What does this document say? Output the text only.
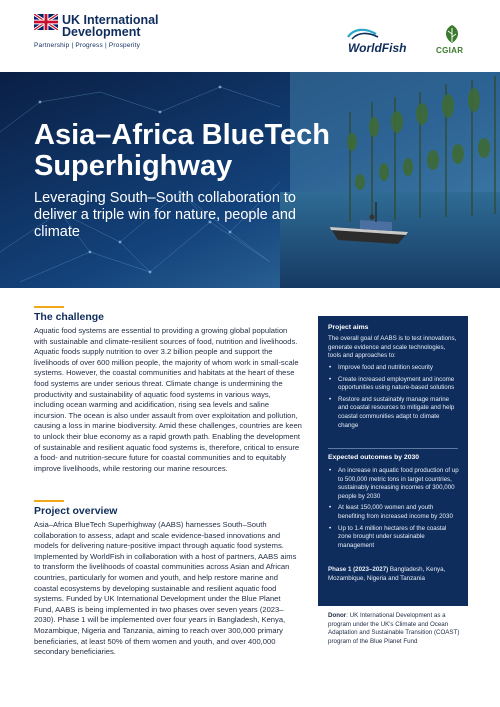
UK International
Development
Partnership | Progress | Prosperity	WorldFish	CGIAR
Asia–Africa BlueTech Superhighway
Leveraging South–South collaboration to deliver a triple win for nature, people and climate
The challenge
Aquatic food systems are essential to providing a growing global population with sustainable and climate-resilient sources of food, nutrition and livelihoods. Aquatic foods supply nutrition to over 3.2 billion people and support the livelihoods of over 600 million people, the majority of whom work in small-scale systems. However, the coastal communities and habitats at the heart of these food systems are under serious threat. Climate change is undermining the productivity and sustainability of aquatic food systems in various ways, including ocean warming and acidification, rising sea levels and saline incursion. The ocean is also under assault from over exploitation and pollution, causing a loss in marine biodiversity. Amid these challenges, countries are keen to unlock their blue economy as a rapid growth path. Enabling the development of sustainable and resilient aquatic food systems is, therefore, critical to ensure a food- and nutrition-secure future for coastal communities and to equitably improve livelihoods, while restoring our marine resources.
Project overview
Asia–Africa BlueTech Superhighway (AABS) harnesses South–South collaboration to assess, adapt and scale evidence-based innovations and models for delivering nature-positive impact through aquatic food systems. Implemented by WorldFish in collaboration with a host of partners, AABS aims to transform the livelihoods of coastal communities across Asian and African countries, particularly for women and youth, and help restore marine and coastal ecosystems by developing sustainable and resilient aquatic food systems. Funded by UK International Development under the Blue Planet Fund, AABS is being implemented in two phases over seven years (2023–2030). Phase 1 will be implemented over four years in Bangladesh, Kenya, Mozambique, Nigeria and Tanzania, aiming to reach over 300,000 primary beneficiaries, at least 50% of them women and youth, and over 400,000 secondary beneficiaries.
Project aims
The overall goal of AABS is to test innovations, generate evidence and scale technologies, tools and approaches to:
• Improve food and nutrition security
• Create increased employment and income opportunities using nature-based solutions
• Restore and sustainably manage marine and coastal resources to mitigate and help coastal communities adapt to climate change
Expected outcomes by 2030
• An increase in aquatic food production of up to 500,000 metric tons in target countries, sustainably increasing incomes of 300,000 people by 2030
• At least 150,000 women and youth benefiting from increased income by 2030
• Up to 1.4 million hectares of the coastal zone brought under sustainable management
Phase 1 (2023–2027) Bangladesh, Kenya, Mozambique, Nigeria and Tanzania
Donor: UK International Development as a program under the UK's Climate and Ocean Adaptation and Sustainable Transition (COAST) program of the Blue Planet Fund
